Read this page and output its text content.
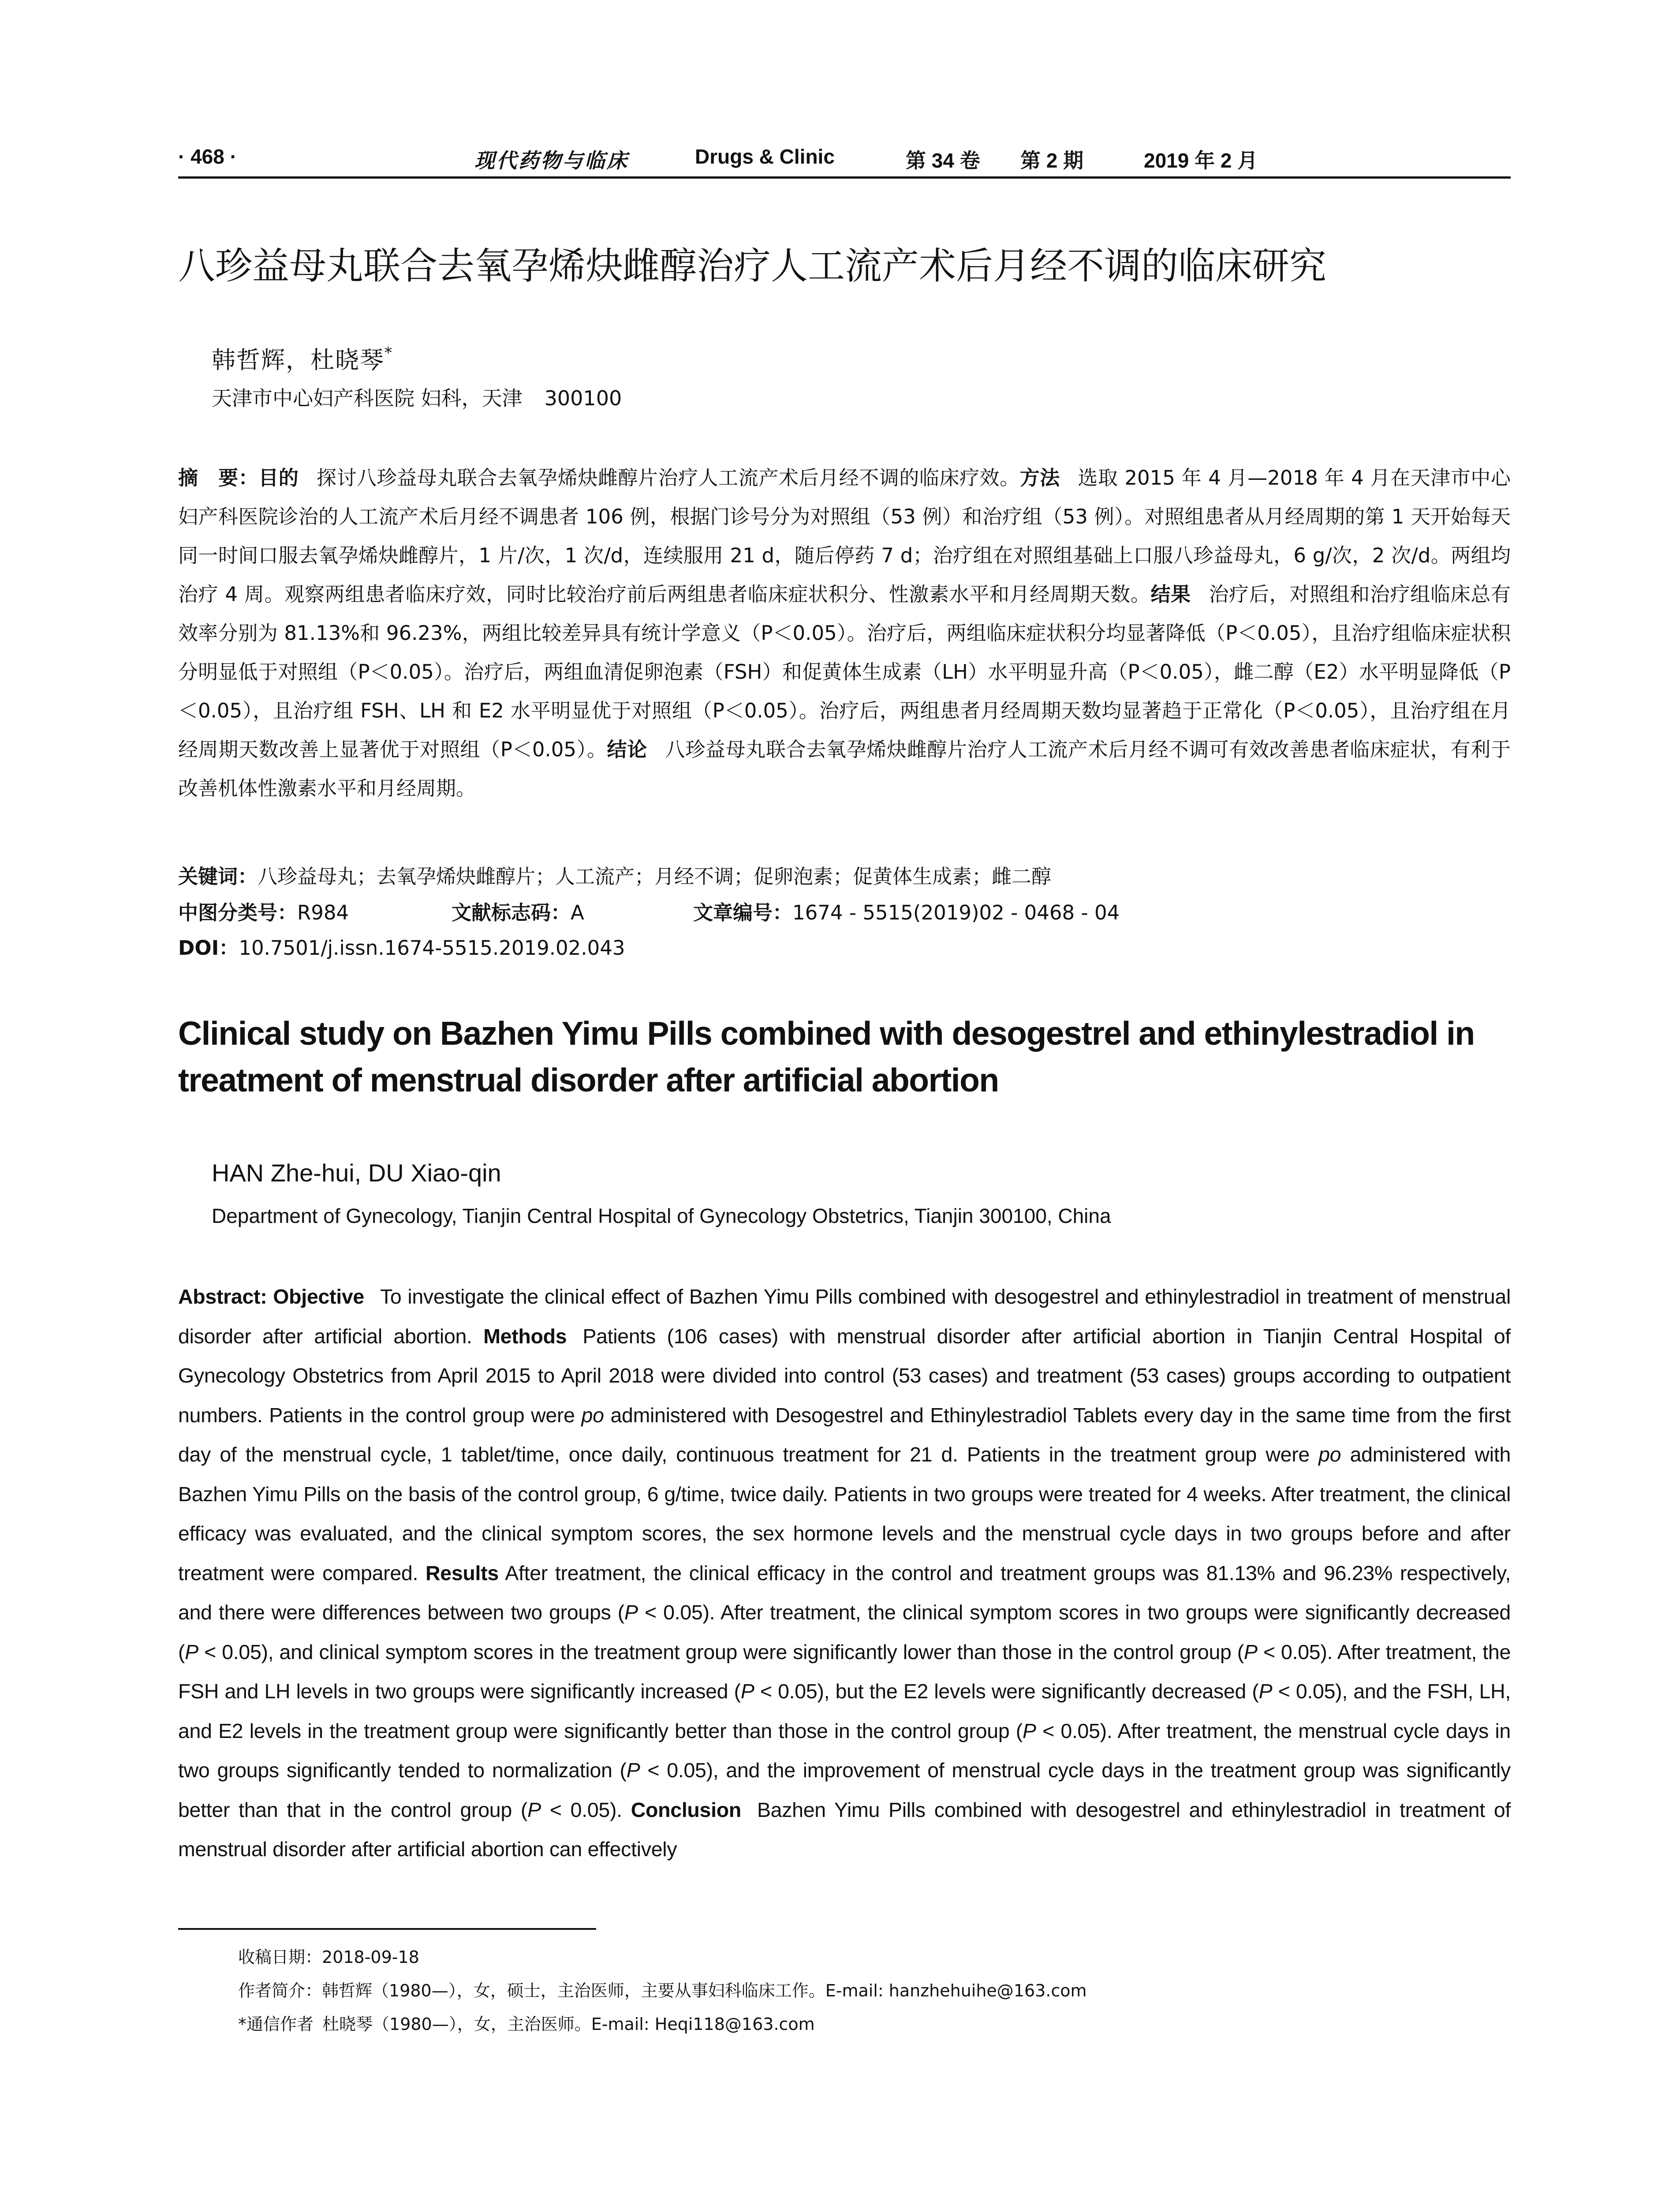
· 468 ·	现代药物与临床	Drugs & Clinic	第 34 卷 第 2 期	2019 年 2 月
八珍益母丸联合去氧孕烯炔雌醇治疗人工流产术后月经不调的临床研究
韩哲辉，杜晓琴*
天津市中心妇产科医院 妇科，天津 300100
摘　要：目的 探讨八珍益母丸联合去氧孕烯炔雌醇片治疗人工流产术后月经不调的临床疗效。方法 选取 2015 年 4 月—2018 年 4 月在天津市中心妇产科医院诊治的人工流产术后月经不调患者 106 例，根据门诊号分为对照组（53 例）和治疗组（53 例）。对照组患者从月经周期的第 1 天开始每天同一时间口服去氧孕烯炔雌醇片，1 片/次，1 次/d，连续服用 21 d，随后停药 7 d；治疗组在对照组基础上口服八珍益母丸，6 g/次，2 次/d。两组均治疗 4 周。观察两组患者临床疗效，同时比较治疗前后两组患者临床症状积分、性激素水平和月经周期天数。结果 治疗后，对照组和治疗组临床总有效率分别为 81.13%和 96.23%，两组比较差异具有统计学意义（P＜0.05）。治疗后，两组临床症状积分均显著降低（P＜0.05），且治疗组临床症状积分明显低于对照组（P＜0.05）。治疗后，两组血清促卵泡素（FSH）和促黄体生成素（LH）水平明显升高（P＜0.05），雌二醇（E2）水平明显降低（P＜0.05），且治疗组 FSH、LH 和 E2 水平明显优于对照组（P＜0.05）。治疗后，两组患者月经周期天数均显著趋于正常化（P＜0.05），且治疗组在月经周期天数改善上显著优于对照组（P＜0.05）。结论 八珍益母丸联合去氧孕烯炔雌醇片治疗人工流产术后月经不调可有效改善患者临床症状，有利于改善机体性激素水平和月经周期。
关键词：八珍益母丸；去氧孕烯炔雌醇片；人工流产；月经不调；促卵泡素；促黄体生成素；雌二醇
中图分类号：R984	文献标志码：A	文章编号：1674 - 5515(2019)02 - 0468 - 04
DOI：10.7501/j.issn.1674-5515.2019.02.043
Clinical study on Bazhen Yimu Pills combined with desogestrel and ethinylestradiol in treatment of menstrual disorder after artificial abortion
HAN Zhe-hui, DU Xiao-qin
Department of Gynecology, Tianjin Central Hospital of Gynecology Obstetrics, Tianjin 300100, China
Abstract: Objective To investigate the clinical effect of Bazhen Yimu Pills combined with desogestrel and ethinylestradiol in treatment of menstrual disorder after artificial abortion. Methods Patients (106 cases) with menstrual disorder after artificial abortion in Tianjin Central Hospital of Gynecology Obstetrics from April 2015 to April 2018 were divided into control (53 cases) and treatment (53 cases) groups according to outpatient numbers. Patients in the control group were po administered with Desogestrel and Ethinylestradiol Tablets every day in the same time from the first day of the menstrual cycle, 1 tablet/time, once daily, continuous treatment for 21 d. Patients in the treatment group were po administered with Bazhen Yimu Pills on the basis of the control group, 6 g/time, twice daily. Patients in two groups were treated for 4 weeks. After treatment, the clinical efficacy was evaluated, and the clinical symptom scores, the sex hormone levels and the menstrual cycle days in two groups before and after treatment were compared. Results After treatment, the clinical efficacy in the control and treatment groups was 81.13% and 96.23% respectively, and there were differences between two groups (P < 0.05). After treatment, the clinical symptom scores in two groups were significantly decreased (P < 0.05), and clinical symptom scores in the treatment group were significantly lower than those in the control group (P < 0.05). After treatment, the FSH and LH levels in two groups were significantly increased (P < 0.05), but the E2 levels were significantly decreased (P < 0.05), and the FSH, LH, and E2 levels in the treatment group were significantly better than those in the control group (P < 0.05). After treatment, the menstrual cycle days in two groups significantly tended to normalization (P < 0.05), and the improvement of menstrual cycle days in the treatment group was significantly better than that in the control group (P < 0.05). Conclusion Bazhen Yimu Pills combined with desogestrel and ethinylestradiol in treatment of menstrual disorder after artificial abortion can effectively
收稿日期：2018-09-18
作者简介：韩哲辉（1980—），女，硕士，主治医师，主要从事妇科临床工作。E-mail: hanzhehuihe@163.com
*通信作者 杜晓琴（1980—），女，主治医师。E-mail: Heqi118@163.com
